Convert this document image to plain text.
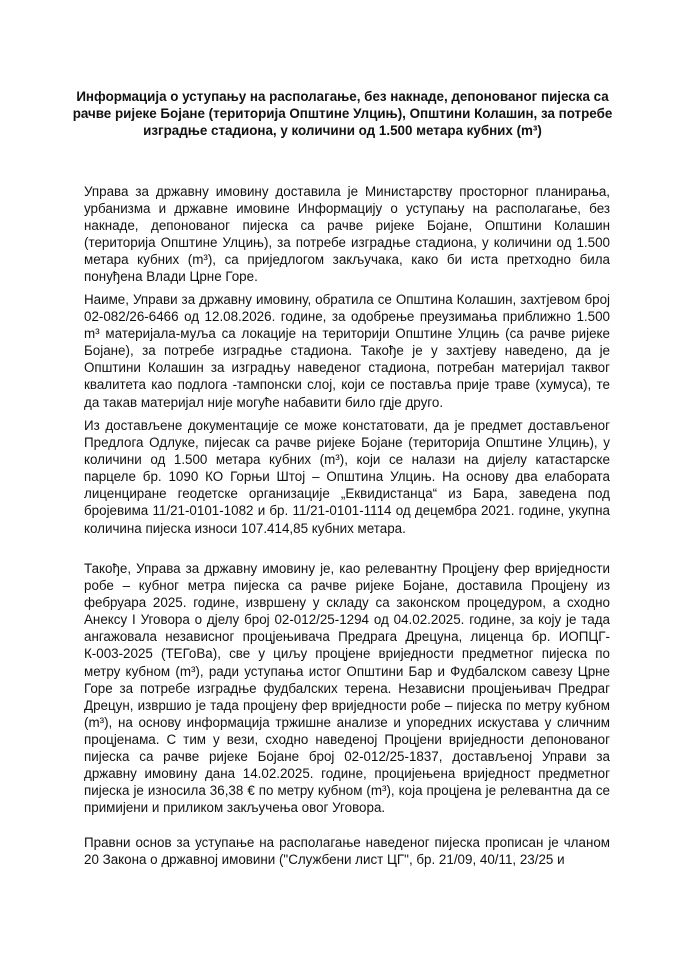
Информација о уступању на располагање, без накнаде, депонованог пијеска са рачве ријеке Бојане (територија Општине Улцињ), Општини Колашин, за потребе изградње стадиона, у количини од 1.500 метара кубних (m³)

Управа за државну имовину доставила је Министарству просторног планирања, урбанизма и државне имовине Информацију о уступању на располагање, без накнаде, депонованог пијеска са рачве ријеке Бојане, Општини Колашин (територија Општине Улцињ), за потребе изградње стадиона, у количини од 1.500 метара кубних (m³), са приједлогом закључака, како би иста претходно била понуђена Влади Црне Горе.

Наиме, Управи за државну имовину, обратила се Општина Колашин, захтјевом број 02-082/26-6466 од 12.08.2026. године, за одобрење преузимања приближно 1.500 m³ материјала-муља са локације на територији Општине Улцињ (са рачве ријеке Бојане), за потребе изградње стадиона. Такође је у захтјеву наведено, да је Општини Колашин за изградњу наведеног стадиона, потребан материјал таквог квалитета као подлога -тампонски слој, који се поставља прије траве (хумуса), те да такав материјал није могуће набавити било гдје друго.

Из достављене документације се може констатовати, да је предмет достављеног Предлога Одлуке, пијесак са рачве ријеке Бојане (територија Општине Улцињ), у количини од 1.500 метара кубних (m³), који се налази на дијелу катастарске парцеле бр. 1090 КО Горњи Штој – Општина Улцињ. На основу два елабората лиценциране геодетске организације „Еквидистанца“ из Бара, заведена под бројевима 11/21-0101-1082 и бр. 11/21-0101-1114 од децембра 2021. године, укупна количина пијеска износи 107.414,85 кубних метара.

Такође, Управа за државну имовину је, као релевантну Процјену фер вриједности робе – кубног метра пијеска са рачве ријеке Бојане, доставила Процјену из фебруара 2025. године, извршену у складу са законском процедуром, а сходно Анексу I Уговора о дјелу број 02-012/25-1294 од 04.02.2025. године, за коју је тада ангажовала независног процјењивача Предрага Дрецуна, лиценца бр. ИОПЦГ-К-003-2025 (ТЕГоВа), све у циљу процјене вриједности предметног пијеска по метру кубном (m³), ради уступања истог Општини Бар и Фудбалском савезу Црне Горе за потребе изградње фудбалских терена. Независни процјењивач Предраг Дрецун, извршио је тада процјену фер вриједности робе – пијеска по метру кубном (m³), на основу информација тржишне анализе и упоредних искустава у сличним процјенама. С тим у вези, сходно наведеној Процјени вриједности депонованог пијеска са рачве ријеке Бојане број 02-012/25-1837, достављеној Управи за државну имовину дана 14.02.2025. године, процијењена вриједност предметног пијеска је износила 36,38 € по метру кубном (m³), која процјена је релевантна да се примијени и приликом закључења овог Уговора.

Правни основ за уступање на располагање наведеног пијеска прописан је чланом 20 Закона о државној имовини ("Службени лист ЦГ", бр. 21/09, 40/11, 23/25 и
